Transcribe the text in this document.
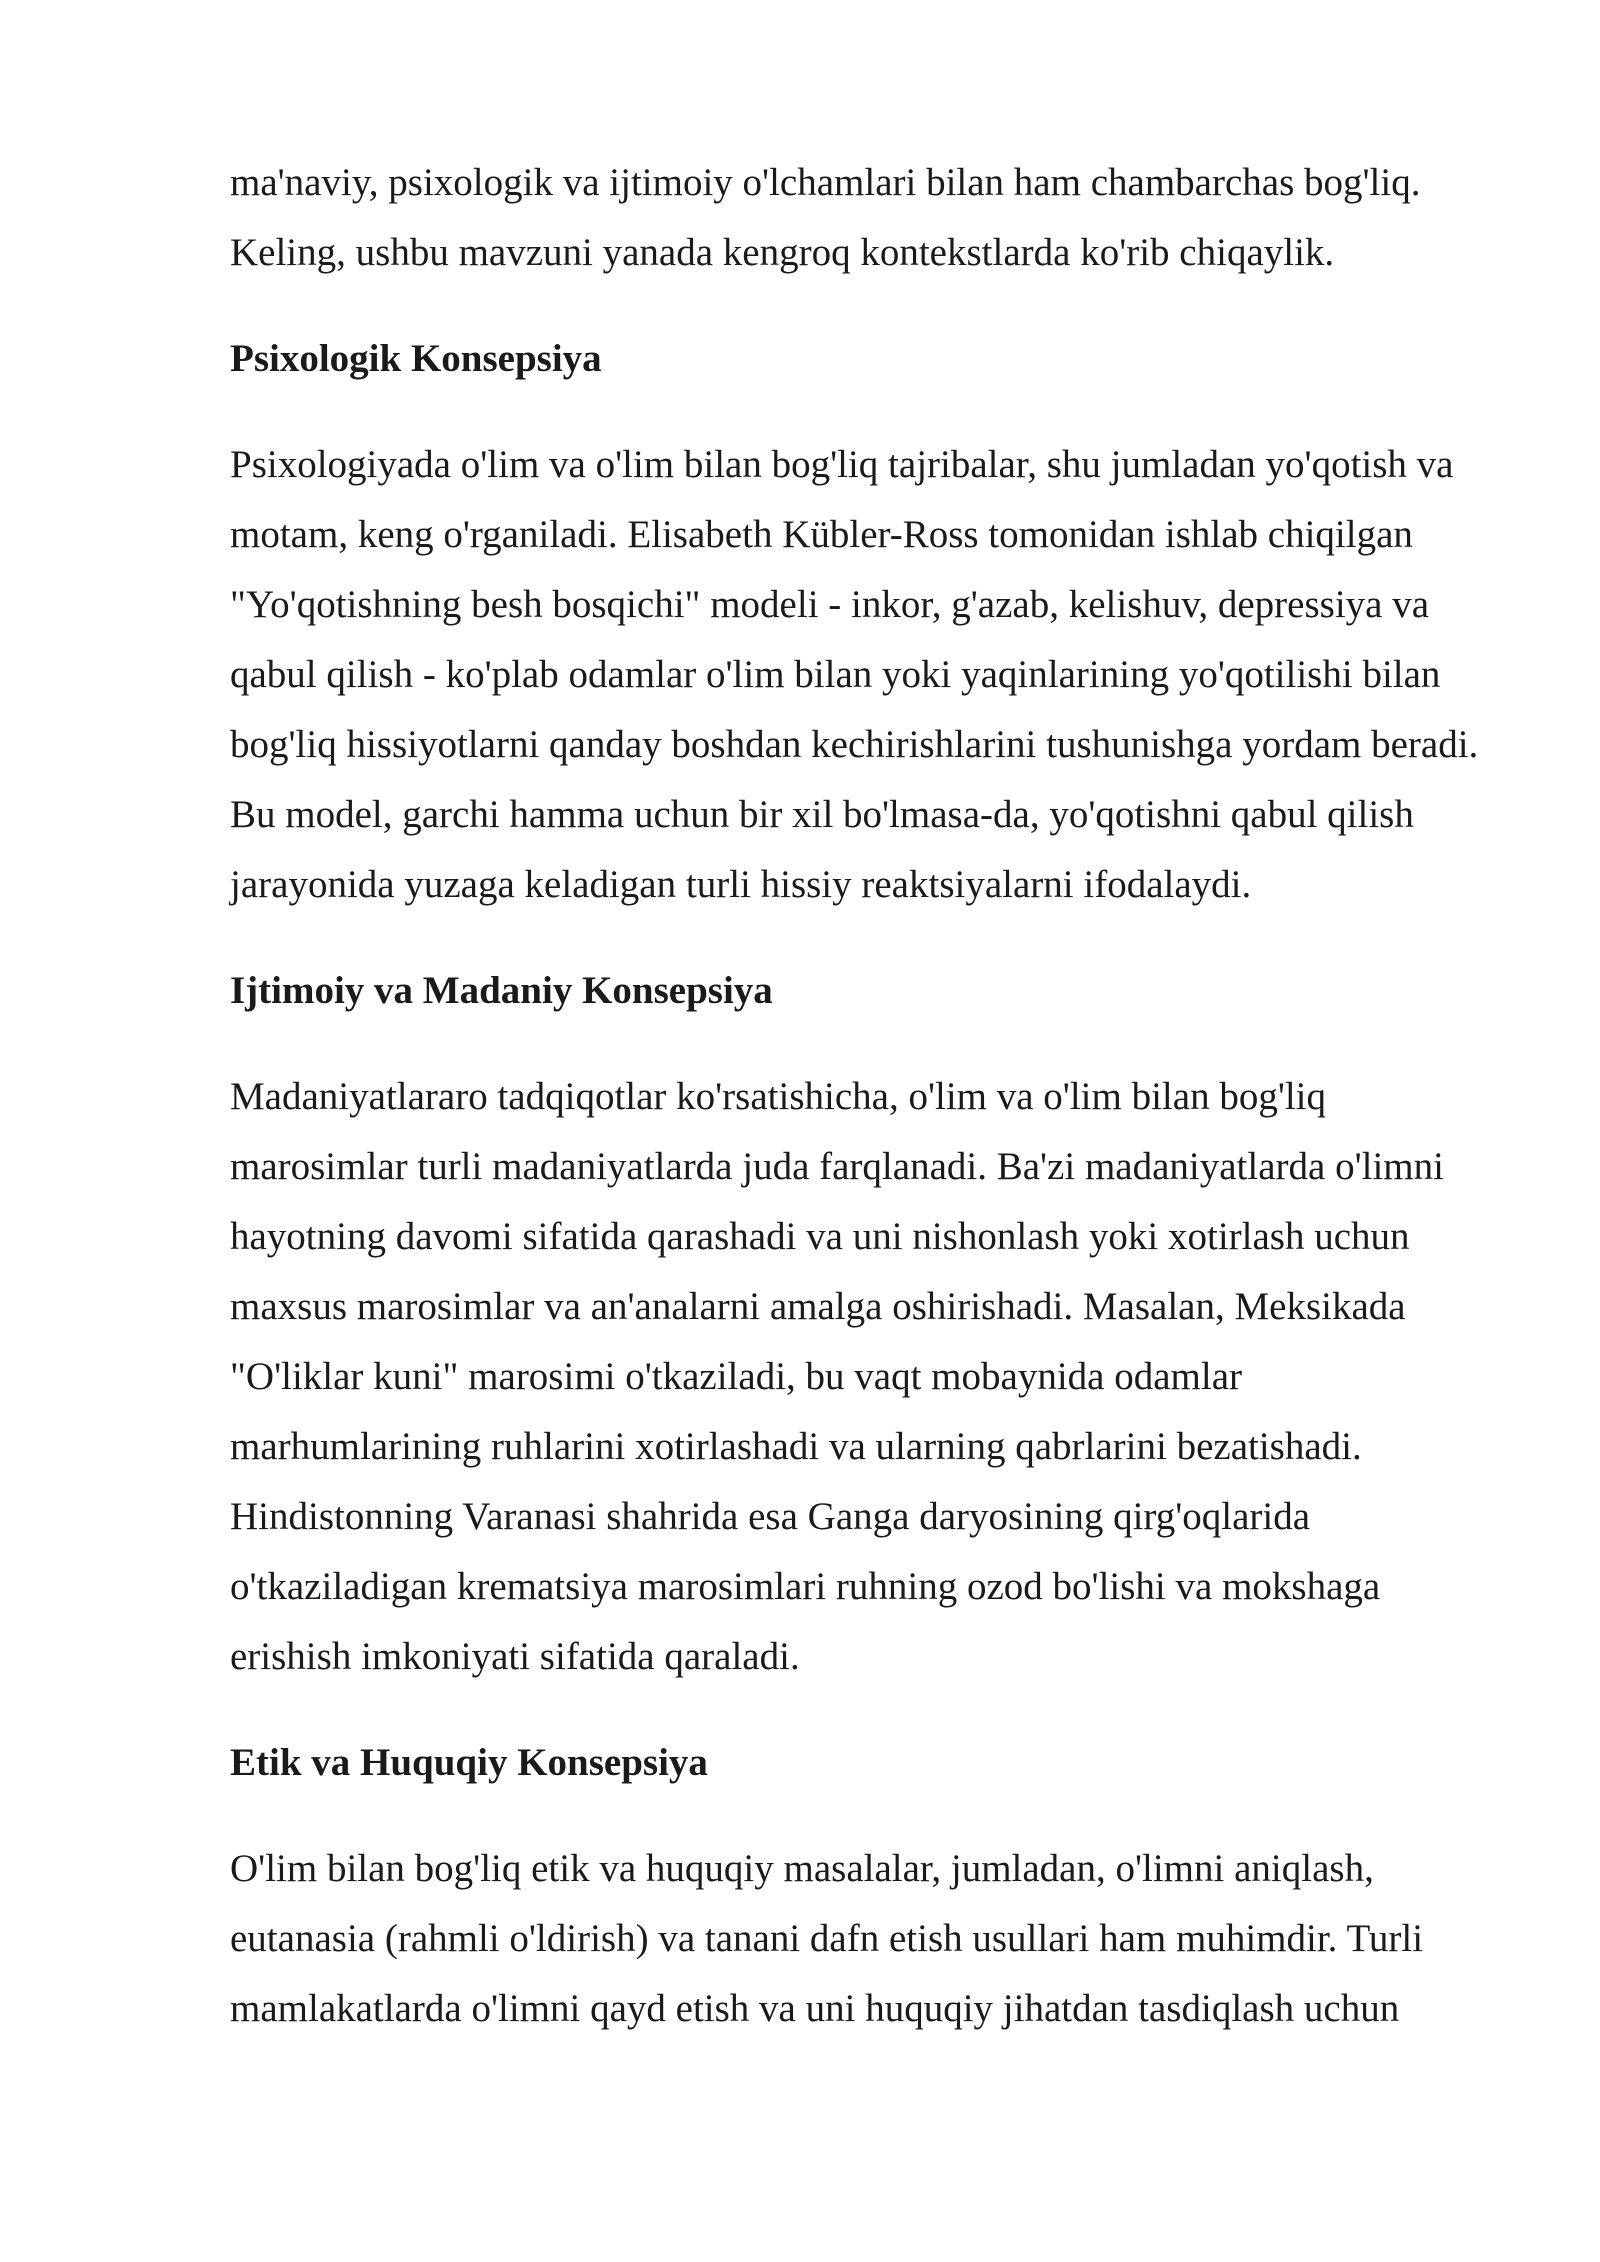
ma'naviy, psixologik va ijtimoiy o'lchamlari bilan ham chambarchas bog'liq. Keling, ushbu mavzuni yanada kengroq kontekstlarda ko'rib chiqaylik.

Psixologik Konsepsiya

Psixologiyada o'lim va o'lim bilan bog'liq tajribalar, shu jumladan yo'qotish va motam, keng o'rganiladi. Elisabeth Kübler-Ross tomonidan ishlab chiqilgan "Yo'qotishning besh bosqichi" modeli - inkor, g'azab, kelishuv, depressiya va qabul qilish - ko'plab odamlar o'lim bilan yoki yaqinlarining yo'qotilishi bilan bog'liq hissiyotlarni qanday boshdan kechirishlarini tushunishga yordam beradi. Bu model, garchi hamma uchun bir xil bo'lmasa-da, yo'qotishni qabul qilish jarayonida yuzaga keladigan turli hissiy reaktsiyalarni ifodalaydi.

Ijtimoiy va Madaniy Konsepsiya

Madaniyatlararo tadqiqotlar ko'rsatishicha, o'lim va o'lim bilan bog'liq marosimlar turli madaniyatlarda juda farqlanadi. Ba'zi madaniyatlarda o'limni hayotning davomi sifatida qarashadi va uni nishonlash yoki xotirlash uchun maxsus marosimlar va an'analarni amalga oshirishadi. Masalan, Meksikada "O'liklar kuni" marosimi o'tkaziladi, bu vaqt mobaynida odamlar marhumlarining ruhlarini xotirlashadi va ularning qabrlarini bezatishadi. Hindistonning Varanasi shahrida esa Ganga daryosining qirg'oqlarida o'tkaziladigan krematsiya marosimlari ruhning ozod bo'lishi va mokshaga erishish imkoniyati sifatida qaraladi.

Etik va Huquqiy Konsepsiya

O'lim bilan bog'liq etik va huquqiy masalalar, jumladan, o'limni aniqlash, eutanasia (rahmli o'ldirish) va tanani dafn etish usullari ham muhimdir. Turli mamlakatlarda o'limni qayd etish va uni huquqiy jihatdan tasdiqlash uchun
